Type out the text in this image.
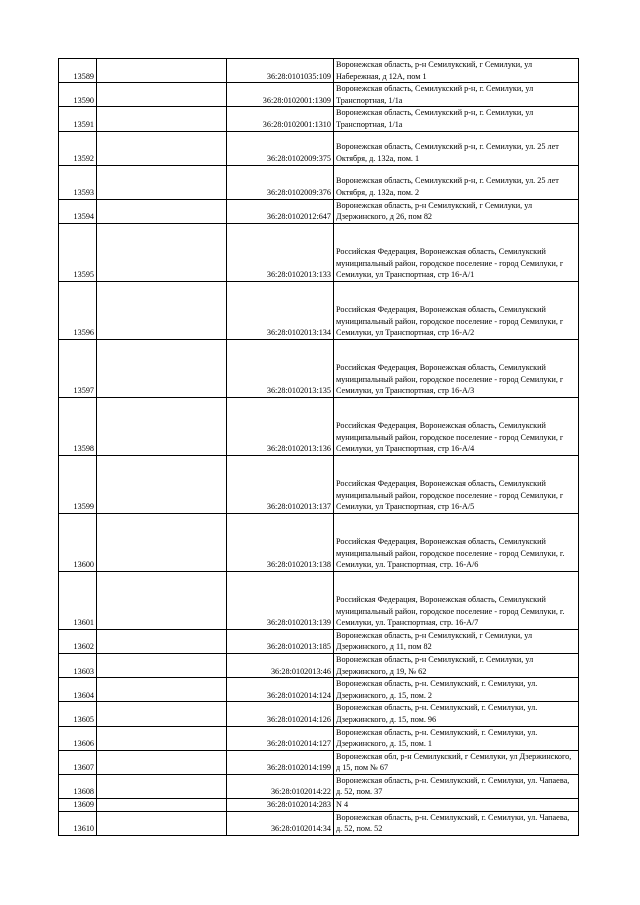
13589		36:28:0101035:109	Воронежская область, р-н Семилукский, г Семилуки, ул Набережная, д 12А, пом 1
13590		36:28:0102001:1309	Воронежская область, Семилукский р-н, г. Семилуки, ул Транспортная, 1/1а
13591		36:28:0102001:1310	Воронежская область, Семилукский р-н, г. Семилуки, ул Транспортная, 1/1а
13592		36:28:0102009:375	Воронежская область, Семилукский р-н, г. Семилуки, ул. 25 лет Октября, д. 132а, пом. 1
13593		36:28:0102009:376	Воронежская область, Семилукский р-н, г. Семилуки, ул. 25 лет Октября, д. 132а, пом. 2
13594		36:28:0102012:647	Воронежская область, р-н Семилукский, г Семилуки, ул Дзержинского, д 26, пом 82
13595		36:28:0102013:133	Российская Федерация, Воронежская область, Семилукский муниципальный район, городское поселение - город Семилуки, г Семилуки, ул Транспортная, стр 16-А/1
13596		36:28:0102013:134	Российская Федерация, Воронежская область, Семилукский муниципальный район, городское поселение - город Семилуки, г Семилуки, ул Транспортная, стр 16-А/2
13597		36:28:0102013:135	Российская Федерация, Воронежская область, Семилукский муниципальный район, городское поселение - город Семилуки, г Семилуки, ул Транспортная, стр 16-А/3
13598		36:28:0102013:136	Российская Федерация, Воронежская область, Семилукский муниципальный район, городское поселение - город Семилуки, г Семилуки, ул Транспортная, стр 16-А/4
13599		36:28:0102013:137	Российская Федерация, Воронежская область, Семилукский муниципальный район, городское поселение - город Семилуки, г Семилуки, ул Транспортная, стр 16-А/5
13600		36:28:0102013:138	Российская Федерация, Воронежская область, Семилукский муниципальный район, городское поселение - город Семилуки, г. Семилуки, ул. Транспортная, стр. 16-А/6
13601		36:28:0102013:139	Российская Федерация, Воронежская область, Семилукский муниципальный район, городское поселение - город Семилуки, г. Семилуки, ул. Транспортная, стр. 16-А/7
13602		36:28:0102013:185	Воронежская область, р-н Семилукский, г Семилуки, ул Дзержинского, д 11, пом 82
13603		36:28:0102013:46	Воронежская область, р-н Семилукский, г. Семилуки, ул Дзержинского, д 19, № 62
13604		36:28:0102014:124	Воронежская область, р-н. Семилукский, г. Семилуки, ул. Дзержинского, д. 15, пом. 2
13605		36:28:0102014:126	Воронежская область, р-н. Семилукский, г. Семилуки, ул. Дзержинского, д. 15, пом. 96
13606		36:28:0102014:127	Воронежская область, р-н. Семилукский, г. Семилуки, ул. Дзержинского, д. 15, пом. 1
13607		36:28:0102014:199	Воронежская обл, р-н Семилукский, г Семилуки, ул Дзержинского, д 15, пом № 67
13608		36:28:0102014:22	Воронежская область, р-н. Семилукский, г. Семилуки, ул. Чапаева, д. 52, пом. 37
13609		36:28:0102014:283	N 4
13610		36:28:0102014:34	Воронежская область, р-н. Семилукский, г. Семилуки, ул. Чапаева, д. 52, пом. 52
